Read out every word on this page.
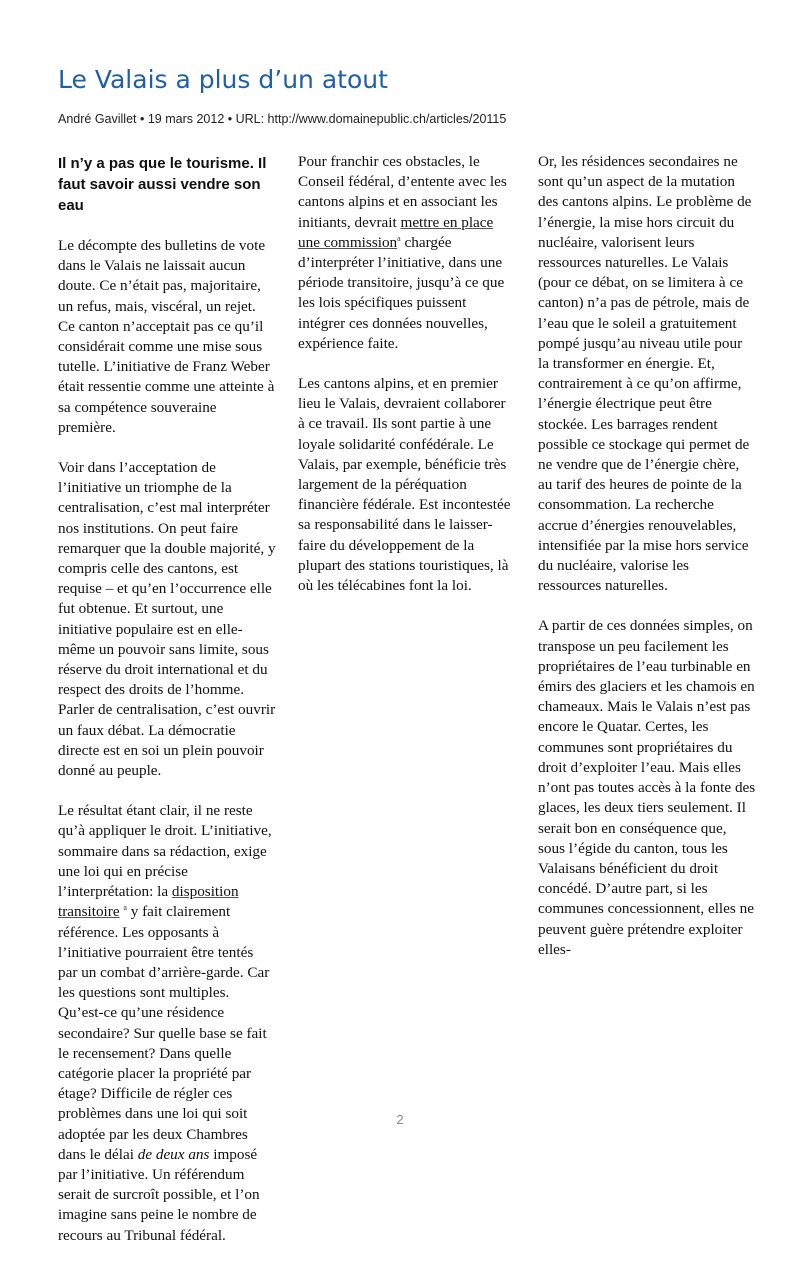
Le Valais a plus d’un atout
André Gavillet • 19 mars 2012 • URL: http://www.domainepublic.ch/articles/20115
Il n’y a pas que le tourisme. Il faut savoir aussi vendre son eau

Le décompte des bulletins de vote dans le Valais ne laissait aucun doute. Ce n’était pas, majoritaire, un refus, mais, viscéral, un rejet. Ce canton n’acceptait pas ce qu’il considérait comme une mise sous tutelle. L’initiative de Franz Weber était ressentie comme une atteinte à sa compétence souveraine première.

Voir dans l’acceptation de l’initiative un triomphe de la centralisation, c’est mal interpréter nos institutions. On peut faire remarquer que la double majorité, y compris celle des cantons, est requise – et qu’en l’occurrence elle fut obtenue. Et surtout, une initiative populaire est en elle-même un pouvoir sans limite, sous réserve du droit international et du respect des droits de l’homme. Parler de centralisation, c’est ouvrir un faux débat. La démocratie directe est en soi un plein pouvoir donné au peuple.

Le résultat étant clair, il ne reste qu’à appliquer le droit. L’initiative, sommaire dans sa rédaction, exige une loi qui en précise l’interprétation: la disposition transitoire $^a$ y fait clairement référence. Les opposants à l’initiative pourraient être tentés par un combat d’arrière-garde. Car les questions sont multiples. Qu’est-ce qu’une résidence secondaire? Sur quelle base se fait le recensement? Dans quelle catégorie placer la propriété par étage? Difficile de régler ces problèmes dans une loi qui soit adoptée par les deux Chambres dans le délai de deux ans imposé par l’initiative. Un référendum serait de surcroît possible, et l’on imagine sans peine le nombre de recours au Tribunal fédéral.

Pour franchir ces obstacles, le Conseil fédéral, d’entente avec les cantons alpins et en associant les initiants, devrait mettre en place une commission$^a$ chargée d’interpréter l’initiative, dans une période transitoire, jusqu’à ce que les lois spécifiques puissent intégrer ces données nouvelles, expérience faite.

Les cantons alpins, et en premier lieu le Valais, devraient collaborer à ce travail. Ils sont partie à une loyale solidarité confédérale. Le Valais, par exemple, bénéficie très largement de la péréquation financière fédérale. Est incontestée sa responsabilité dans le laisser-faire du développement de la plupart des stations touristiques, là où les télécabines font la loi.

Or, les résidences secondaires ne sont qu’un aspect de la mutation des cantons alpins. Le problème de l’énergie, la mise hors circuit du nucléaire, valorisent leurs ressources naturelles. Le Valais (pour ce débat, on se limitera à ce canton) n’a pas de pétrole, mais de l’eau que le soleil a gratuitement pompé jusqu’au niveau utile pour la transformer en énergie. Et, contrairement à ce qu’on affirme, l’énergie électrique peut être stockée. Les barrages rendent possible ce stockage qui permet de ne vendre que de l’énergie chère, au tarif des heures de pointe de la consommation. La recherche accrue d’énergies renouvelables, intensifiée par la mise hors service du nucléaire, valorise les ressources naturelles.

A partir de ces données simples, on transpose un peu facilement les propriétaires de l’eau turbinable en émirs des glaciers et les chamois en chameaux. Mais le Valais n’est pas encore le Quatar. Certes, les communes sont propriétaires du droit d’exploiter l’eau. Mais elles n’ont pas toutes accès à la fonte des glaces, les deux tiers seulement. Il serait bon en conséquence que, sous l’égide du canton, tous les Valaisans bénéficient du droit concédé. D’autre part, si les communes concessionnent, elles ne peuvent guère prétendre exploiter elles-

2
